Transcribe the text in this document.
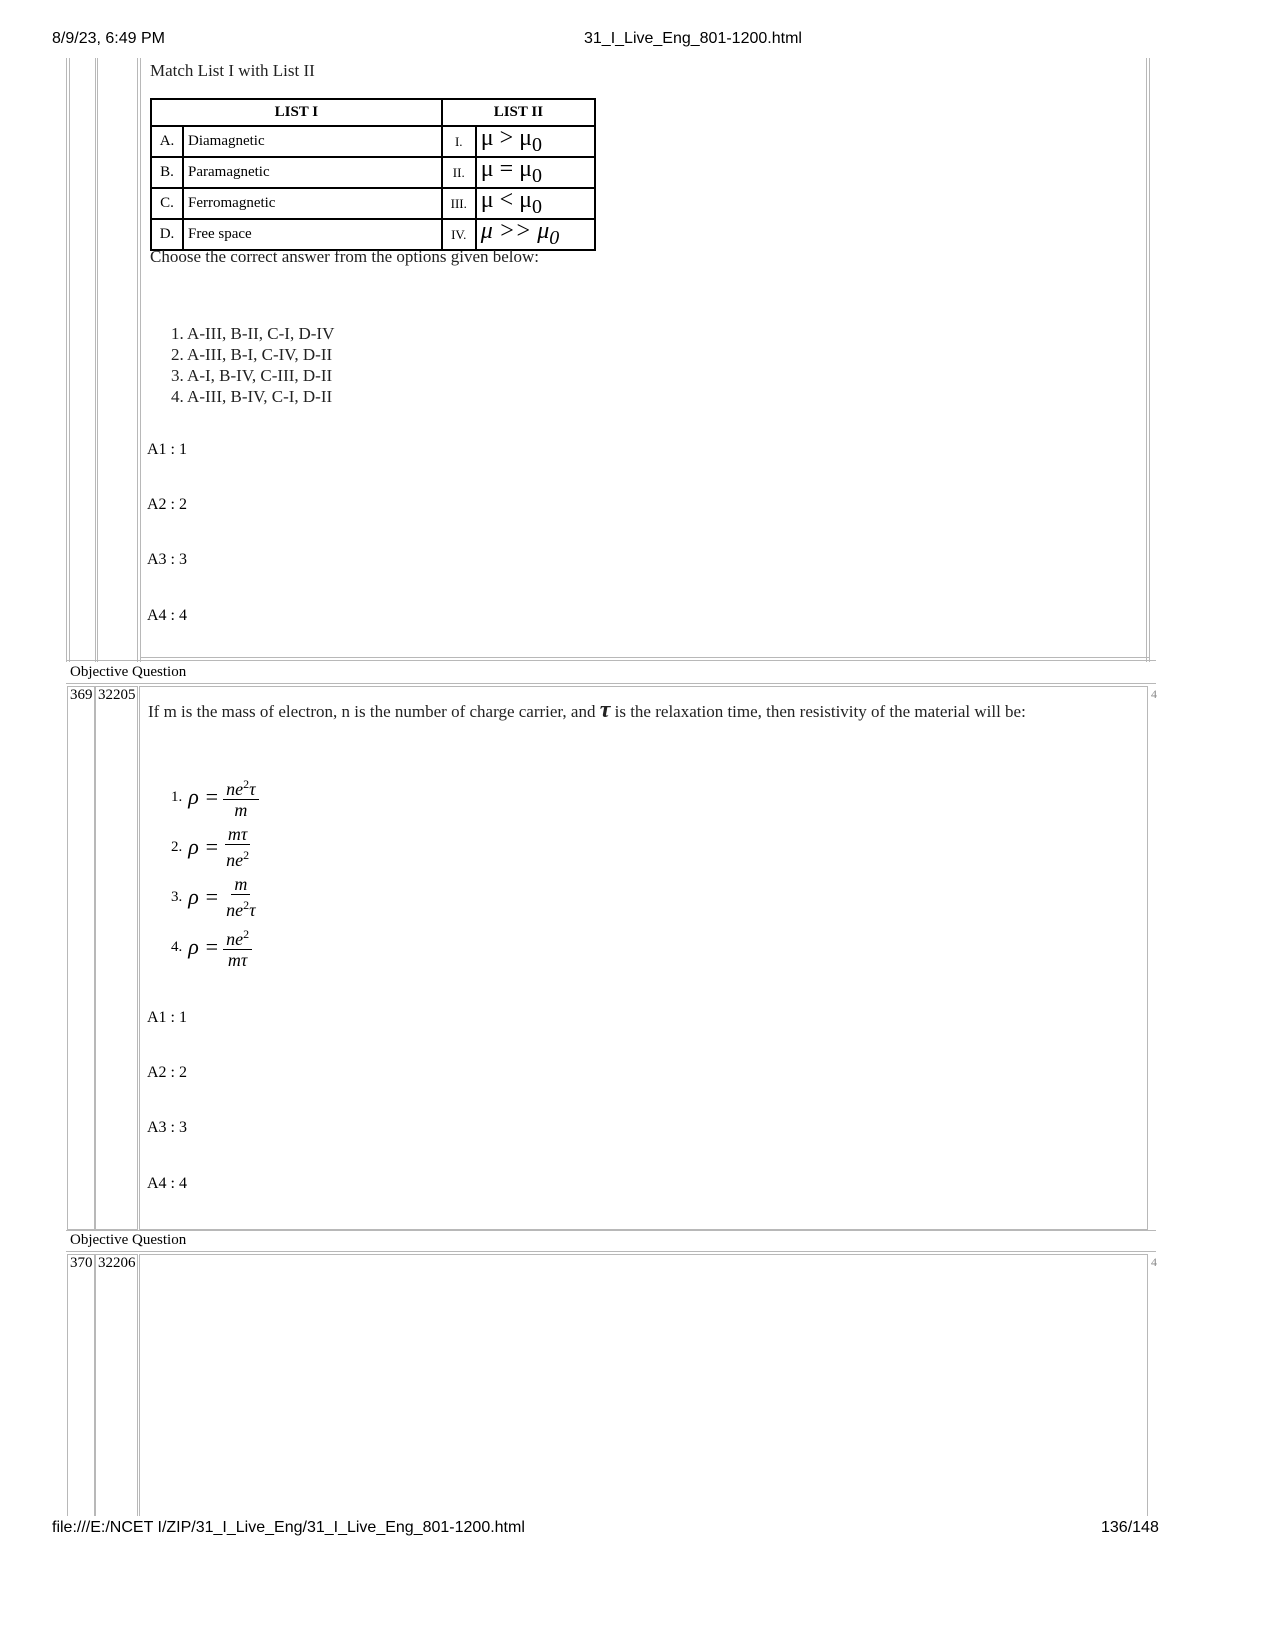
8/9/23, 6:49 PM	31_I_Live_Eng_801-1200.html
Match List I with List II
LIST I		LIST II	
A.	Diamagnetic	I.	$\mu > \mu_0$
B.	Paramagnetic	II.	$\mu = \mu_0$
C.	Ferromagnetic	III.	$\mu < \mu_0$
D.	Free space	IV.	$\mu >> \mu_0$
Choose the correct answer from the options given below:
1. A-III, B-II, C-I, D-IV
2. A-III, B-I, C-IV, D-II
3. A-I, B-IV, C-III, D-II
4. A-III, B-IV, C-I, D-II
A1 : 1
A2 : 2
A3 : 3
A4 : 4
Objective Question
369 32205	4
If m is the mass of electron, n is the number of charge carrier, and τ is the relaxation time, then resistivity of the material will be:
1. $\rho = \frac{ne^2\tau}{m}$
2. $\rho = \frac{m\tau}{ne^2}$
3. $\rho = \frac{m}{ne^2\tau}$
4. $\rho = \frac{ne^2}{m\tau}$
A1 : 1
A2 : 2
A3 : 3
A4 : 4
Objective Question
370 32206	4
file:///E:/NCET I/ZIP/31_I_Live_Eng/31_I_Live_Eng_801-1200.html	136/148
